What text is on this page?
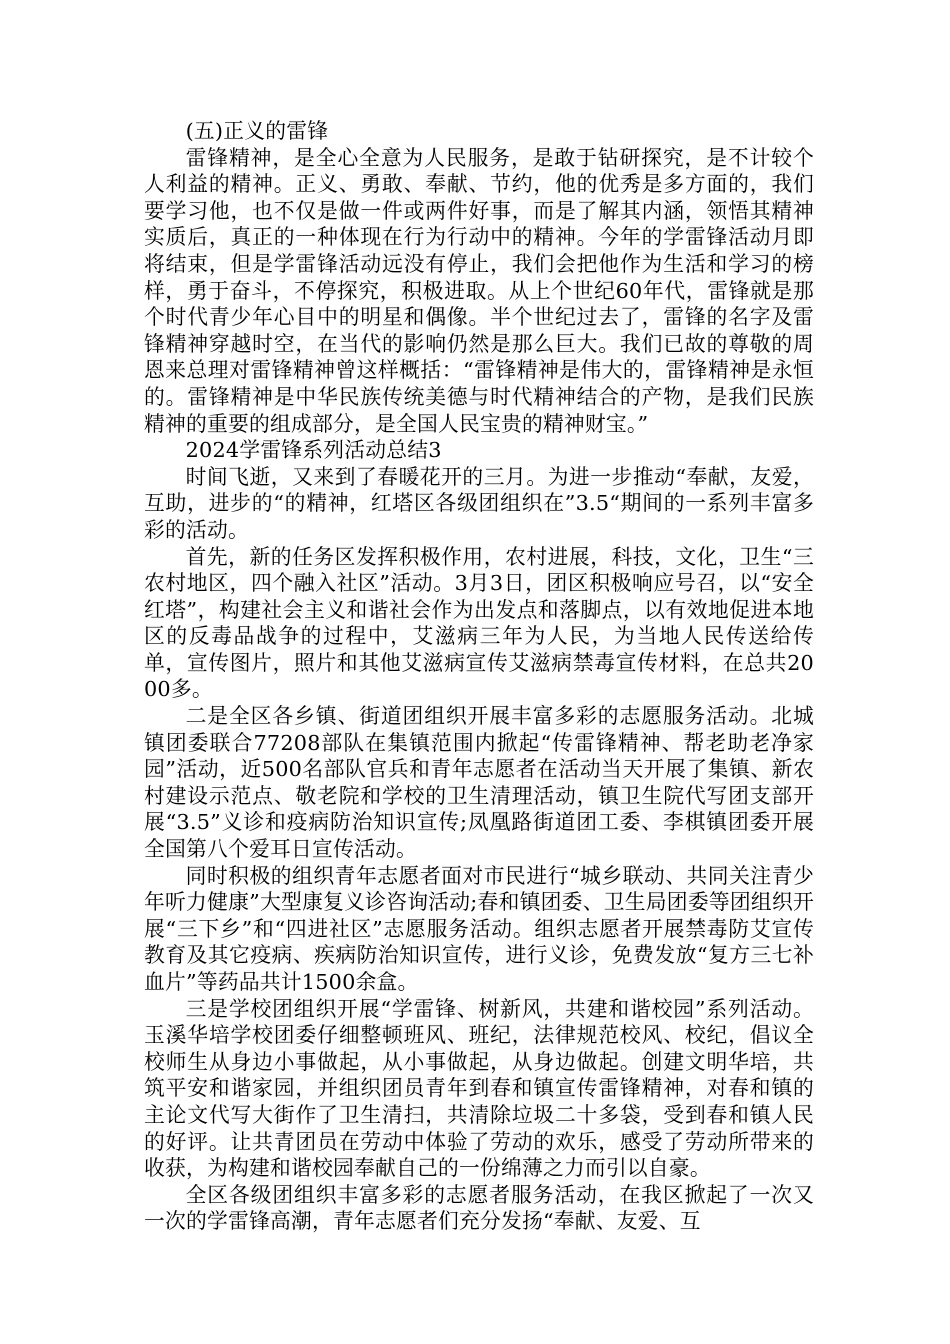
(五)正义的雷锋

雷锋精神，是全心全意为人民服务，是敢于钻研探究，是不计较个人利益的精神。正义、勇敢、奉献、节约，他的优秀是多方面的，我们要学习他，也不仅是做一件或两件好事，而是了解其内涵，领悟其精神实质后，真正的一种体现在行为行动中的精神。今年的学雷锋活动月即将结束，但是学雷锋活动远没有停止，我们会把他作为生活和学习的榜样，勇于奋斗，不停探究，积极进取。从上个世纪60年代，雷锋就是那个时代青少年心目中的明星和偶像。半个世纪过去了，雷锋的名字及雷锋精神穿越时空，在当代的影响仍然是那么巨大。我们已故的尊敬的周恩来总理对雷锋精神曾这样概括：“雷锋精神是伟大的，雷锋精神是永恒的。雷锋精神是中华民族传统美德与时代精神结合的产物，是我们民族精神的重要的组成部分，是全国人民宝贵的精神财宝。”

2024学雷锋系列活动总结3

时间飞逝，又来到了春暖花开的三月。为进一步推动“奉献，友爱，互助，进步的“的精神，红塔区各级团组织在”3.5“期间的一系列丰富多彩的活动。

首先，新的任务区发挥积极作用，农村进展，科技，文化，卫生“三农村地区，四个融入社区”活动。3月3日，团区积极响应号召，以“安全红塔”，构建社会主义和谐社会作为出发点和落脚点，以有效地促进本地区的反毒品战争的过程中，艾滋病三年为人民，为当地人民传送给传单，宣传图片，照片和其他艾滋病宣传艾滋病禁毒宣传材料，在总共2000多。

二是全区各乡镇、街道团组织开展丰富多彩的志愿服务活动。北城镇团委联合77208部队在集镇范围内掀起“传雷锋精神、帮老助老净家园”活动，近500名部队官兵和青年志愿者在活动当天开展了集镇、新农村建设示范点、敬老院和学校的卫生清理活动，镇卫生院代写团支部开展“3.5”义诊和疫病防治知识宣传;凤凰路街道团工委、李棋镇团委开展全国第八个爱耳日宣传活动。

同时积极的组织青年志愿者面对市民进行“城乡联动、共同关注青少年听力健康”大型康复义诊咨询活动;春和镇团委、卫生局团委等团组织开展“三下乡”和“四进社区”志愿服务活动。组织志愿者开展禁毒防艾宣传教育及其它疫病、疾病防治知识宣传，进行义诊，免费发放“复方三七补血片”等药品共计1500余盒。

三是学校团组织开展“学雷锋、树新风，共建和谐校园”系列活动。玉溪华培学校团委仔细整顿班风、班纪，法律规范校风、校纪，倡议全校师生从身边小事做起，从小事做起，从身边做起。创建文明华培，共筑平安和谐家园，并组织团员青年到春和镇宣传雷锋精神，对春和镇的主论文代写大街作了卫生清扫，共清除垃圾二十多袋，受到春和镇人民的好评。让共青团员在劳动中体验了劳动的欢乐，感受了劳动所带来的收获，为构建和谐校园奉献自己的一份绵薄之力而引以自豪。

全区各级团组织丰富多彩的志愿者服务活动，在我区掀起了一次又一次的学雷锋高潮，青年志愿者们充分发扬“奉献、友爱、互
